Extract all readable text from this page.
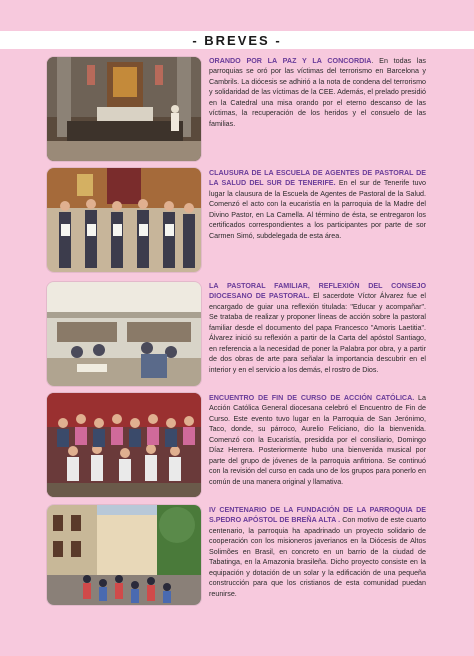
- BREVES -
ORANDO POR LA PAZ Y LA CONCORDIA. En todas las parroquias se oró por las víctimas del terrorismo en Barcelona y Cambrils. La diócesis se adhirió a la nota de condena del terrorismo y solidaridad de las víctimas de la CEE. Además, el prelado presidió en la Catedral una misa orando por el eterno descanso de las víctimas, la recuperación de los heridos y el consuelo de las familias.
CLAUSURA DE LA ESCUELA DE AGENTES DE PASTORAL DE LA SALUD DEL SUR DE TENERIFE. En el sur de Tenerife tuvo lugar la clausura de la Escuela de Agentes de Pastoral de la Salud. Comenzó el acto con la eucaristía en la parroquia de la Madre del Divino Pastor, en La Camella. Al término de ésta, se entregaron los certificados correspondientes a los participantes por parte de sor Carmen Simó, subdelegada de esta área.
LA PASTORAL FAMILIAR, REFLEXIÓN DEL CONSEJO DIOCESANO DE PASTORAL. El sacerdote Víctor Álvarez fue el encargado de guiar una reflexión titulada: "Educar y acompañar". Se trataba de realizar y proponer líneas de acción sobre la pastoral familiar desde el documento del papa Francesco "Amoris Laetitia". Álvarez inició su reflexión a partir de la Carta del apóstol Santiago, en referencia a la necesidad de poner la Palabra por obra, y a partir de dos obras de arte para señalar la importancia descubrir en el interior y en el servicio a los demás, el rostro de Dios.
ENCUENTRO DE FIN DE CURSO DE ACCIÓN CATÓLICA. La Acción Católica General diocesana celebró el Encuentro de Fin de Curso. Este evento tuvo lugar en la Parroquia de San Jerónimo, Taco, donde, su párroco, Aurelio Feliciano, dio la bienvenida. Comenzó con la Eucaristía, presidida por el consiliario, Domingo Díaz Herrera. Posteriormente hubo una bienvenida musical por parte del grupo de jóvenes de la parroquia anfitriona. Se continuó con la revisión del curso en cada uno de los grupos para ponerlo en común de una manera original y llamativa.
IV CENTENARIO DE LA FUNDACIÓN DE LA PARROQUIA DE S.PEDRO APÓSTOL DE BREÑA ALTA . Con motivo de este cuarto centenario, la parroquia ha apadrinado un proyecto solidario de cooperación con los misioneros javerianos en la Diócesis de Altos Solimões en Brasil, en concreto en un barrio de la ciudad de Tabatinga, en la Amazonia brasileña. Dicho proyecto consiste en la equipación y dotación de un solar y la edificación de una pequeña construcción para que los cristianos de esta comunidad puedan reunirse.
